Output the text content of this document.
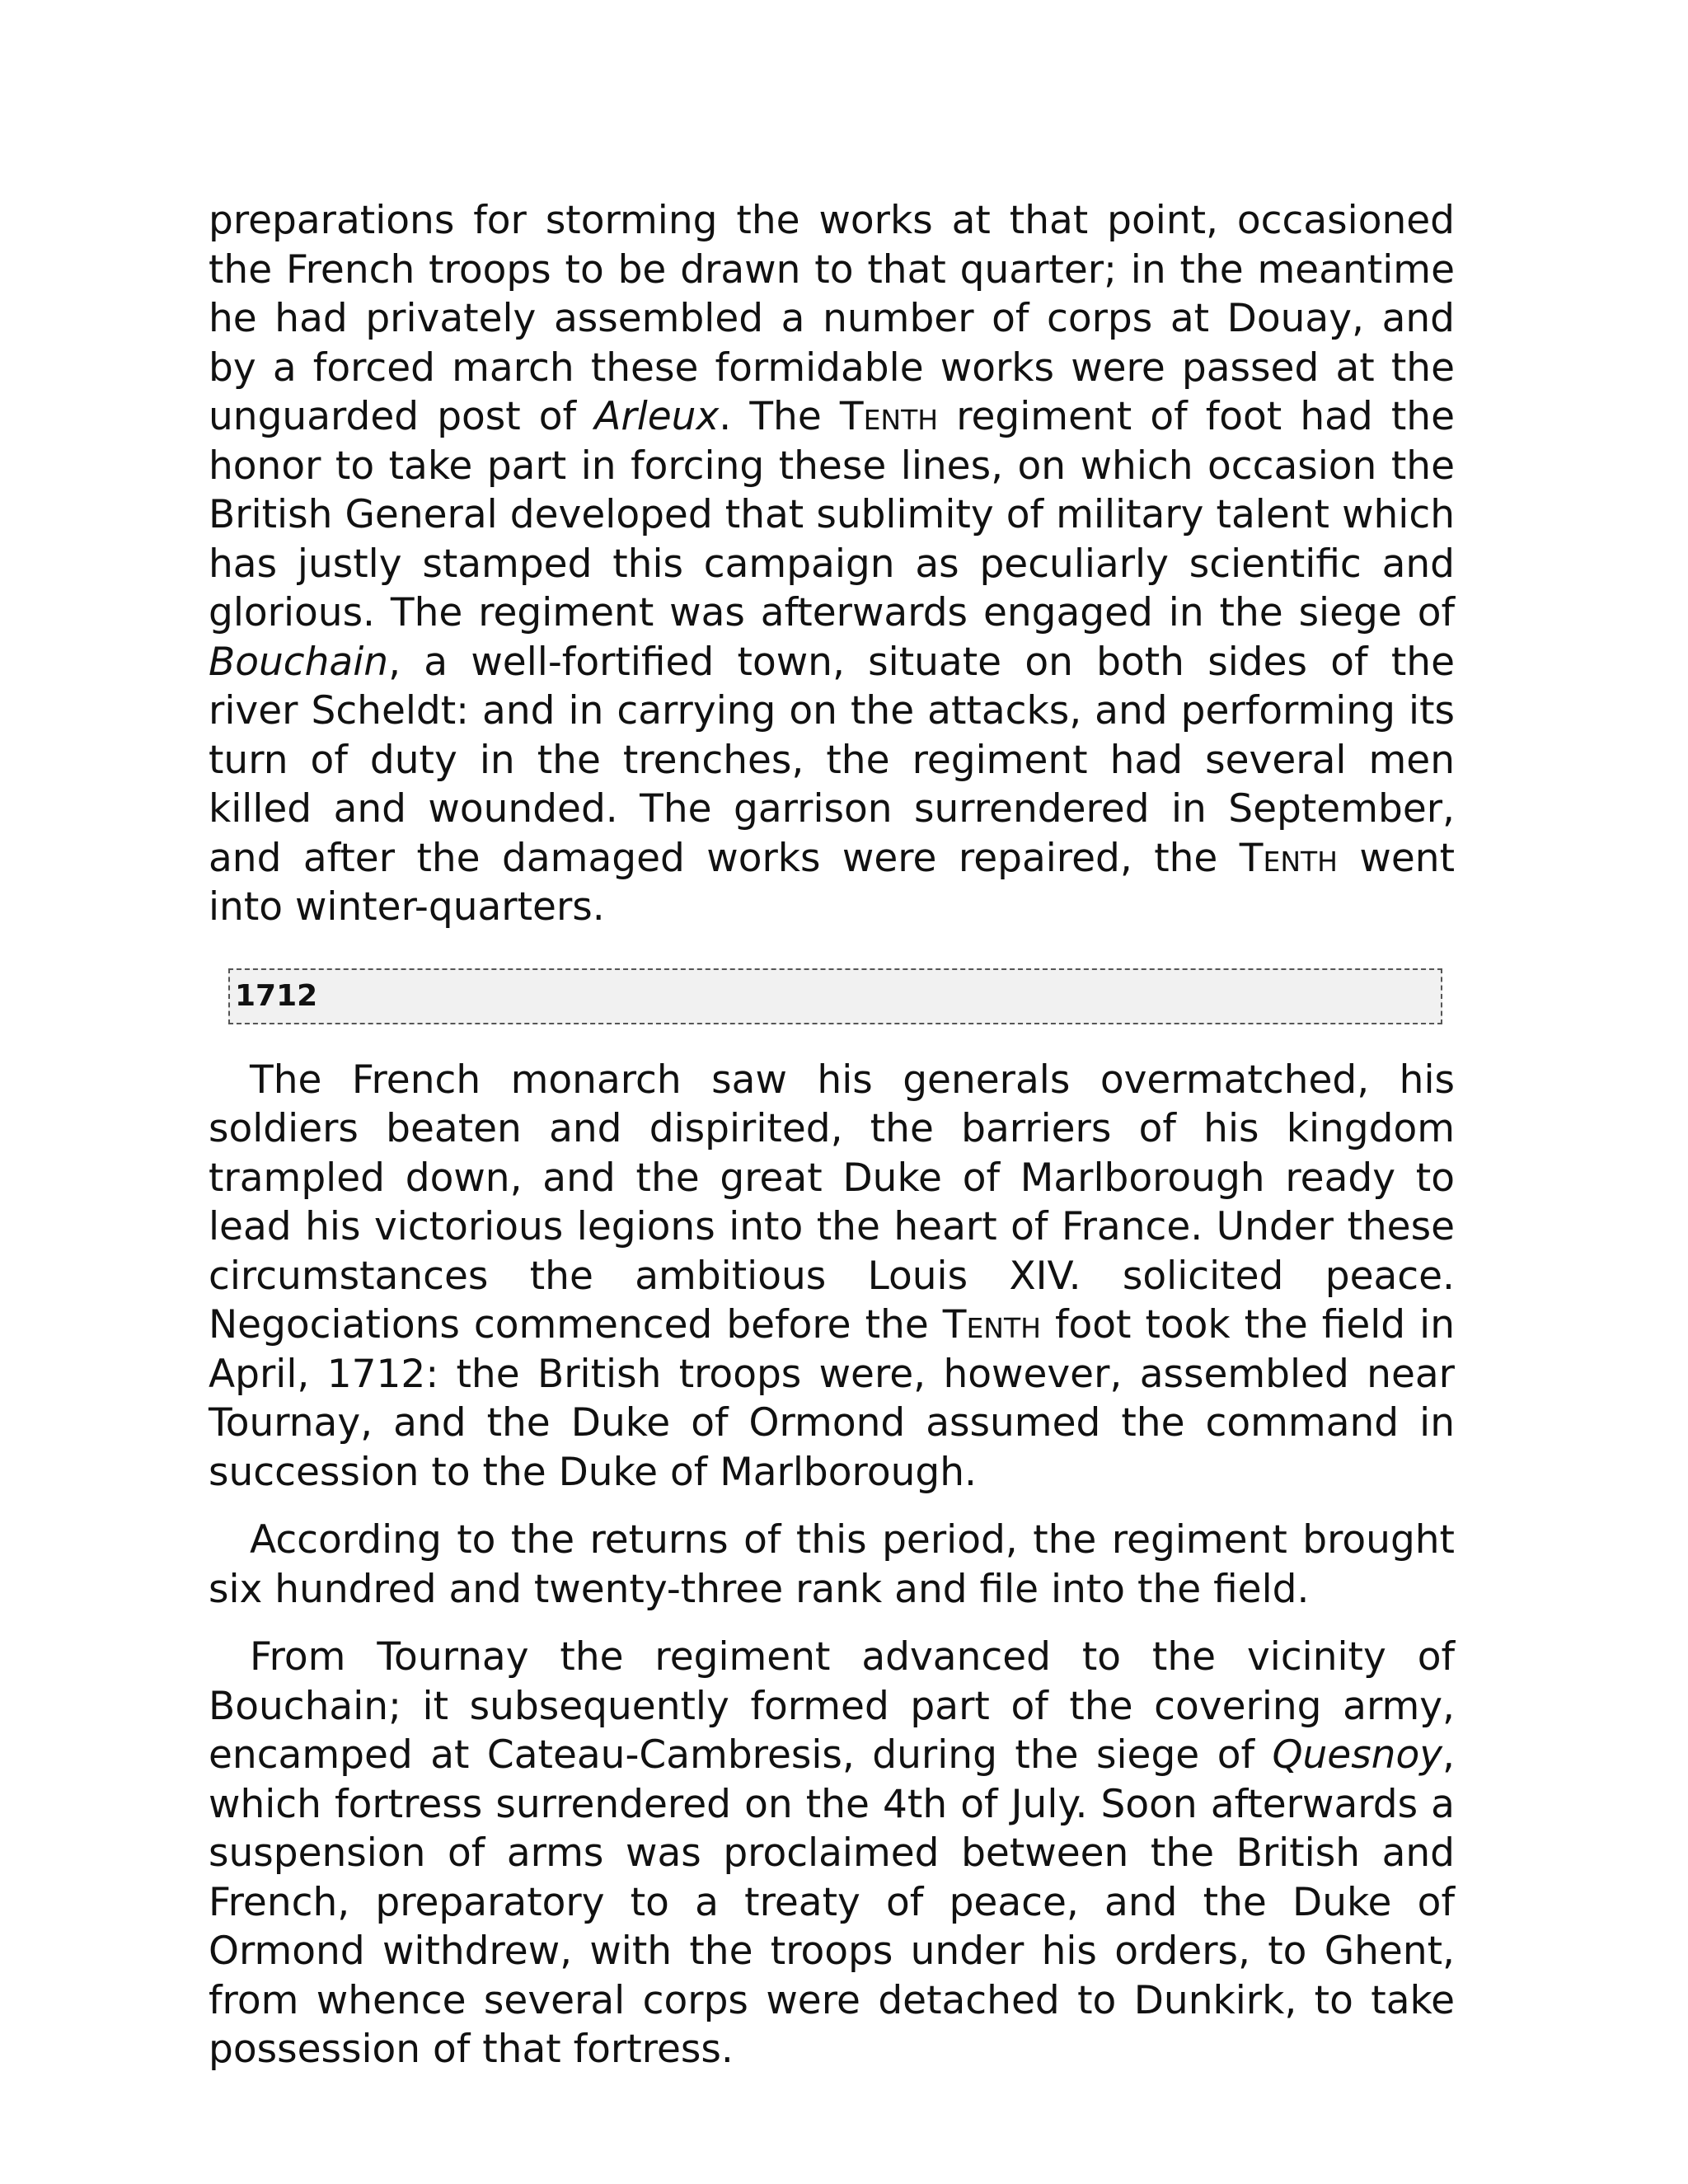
preparations for storming the works at that point, occasioned the French troops to be drawn to that quarter; in the meantime he had privately assembled a number of corps at Douay, and by a forced march these formidable works were passed at the unguarded post of Arleux. The Tenth regiment of foot had the honor to take part in forcing these lines, on which occasion the British General developed that sublimity of military talent which has justly stamped this campaign as peculiarly scientific and glorious. The regiment was afterwards engaged in the siege of Bouchain, a well-fortified town, situate on both sides of the river Scheldt: and in carrying on the attacks, and performing its turn of duty in the trenches, the regiment had several men killed and wounded. The garrison surrendered in September, and after the damaged works were repaired, the Tenth went into winter-quarters.

1712

The French monarch saw his generals overmatched, his soldiers beaten and dispirited, the barriers of his kingdom trampled down, and the great Duke of Marlborough ready to lead his victorious legions into the heart of France. Under these circumstances the ambitious Louis XIV. solicited peace. Negociations commenced before the Tenth foot took the field in April, 1712: the British troops were, however, assembled near Tournay, and the Duke of Ormond assumed the command in succession to the Duke of Marlborough.

According to the returns of this period, the regiment brought six hundred and twenty-three rank and file into the field.

From Tournay the regiment advanced to the vicinity of Bouchain; it subsequently formed part of the covering army, encamped at Cateau-Cambresis, during the siege of Quesnoy, which fortress surrendered on the 4th of July. Soon afterwards a suspension of arms was proclaimed between the British and French, preparatory to a treaty of peace, and the Duke of Ormond withdrew, with the troops under his orders, to Ghent, from whence several corps were detached to Dunkirk, to take possession of that fortress.
